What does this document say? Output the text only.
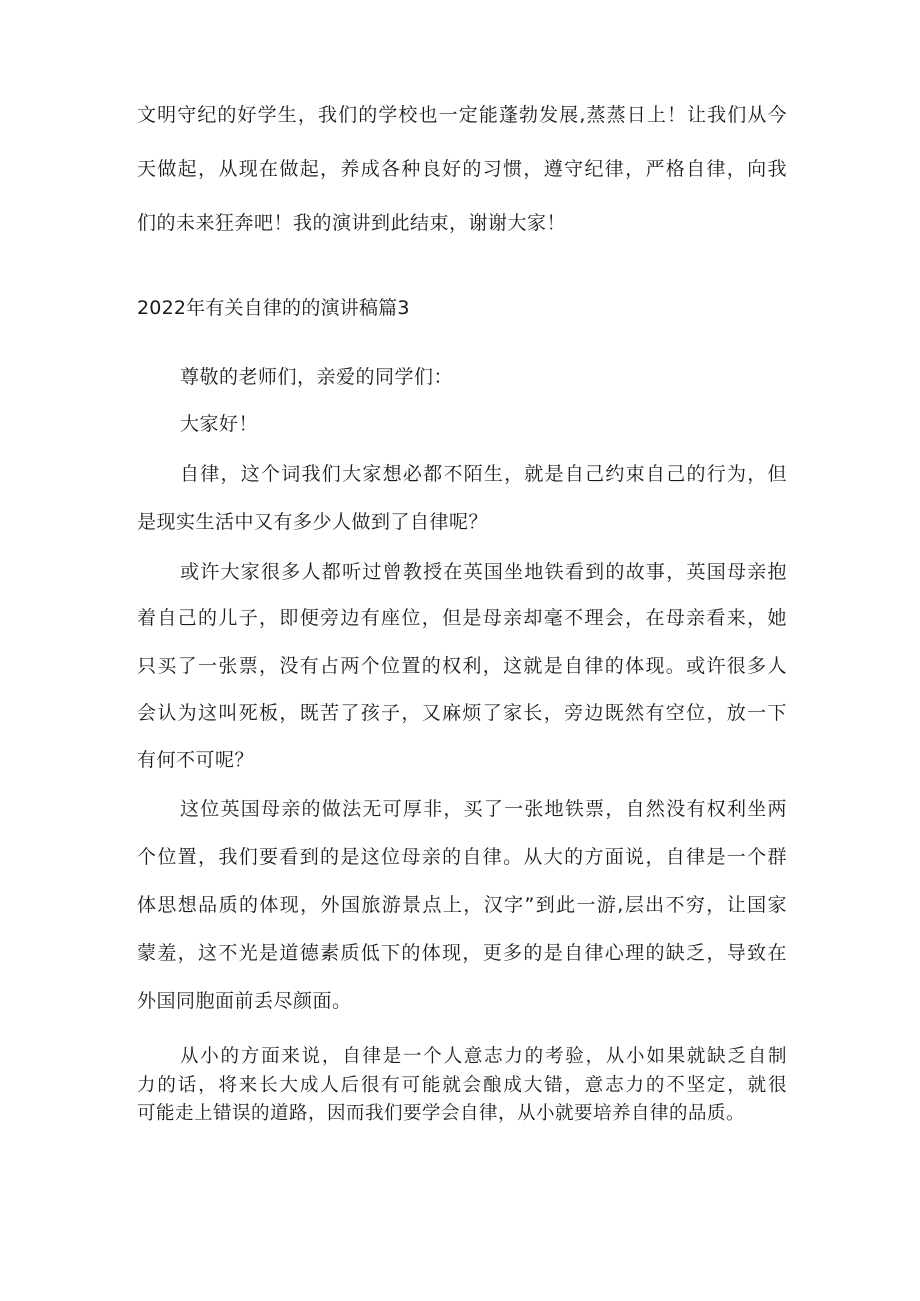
文明守纪的好学生，我们的学校也一定能蓬勃发展,蒸蒸日上！让我们从今
天做起，从现在做起，养成各种良好的习惯，遵守纪律，严格自律，向我
们的未来狂奔吧！我的演讲到此结束，谢谢大家！
2022年有关自律的的演讲稿篇3
尊敬的老师们，亲爱的同学们：
大家好！
自律，这个词我们大家想必都不陌生，就是自己约束自己的行为，但
是现实生活中又有多少人做到了自律呢？
或许大家很多人都听过曾教授在英国坐地铁看到的故事，英国母亲抱
着自己的儿子，即便旁边有座位，但是母亲却毫不理会，在母亲看来，她
只买了一张票，没有占两个位置的权利，这就是自律的体现。或许很多人
会认为这叫死板，既苦了孩子，又麻烦了家长，旁边既然有空位，放一下
有何不可呢？
这位英国母亲的做法无可厚非，买了一张地铁票，自然没有权利坐两
个位置，我们要看到的是这位母亲的自律。从大的方面说，自律是一个群
体思想品质的体现，外国旅游景点上，汉字”到此一游,层出不穷，让国家
蒙羞，这不光是道德素质低下的体现，更多的是自律心理的缺乏，导致在
外国同胞面前丢尽颜面。
从小的方面来说，自律是一个人意志力的考验，从小如果就缺乏自制
力的话，将来长大成人后很有可能就会酿成大错，意志力的不坚定，就很
可能走上错误的道路，因而我们要学会自律，从小就要培养自律的品质。
